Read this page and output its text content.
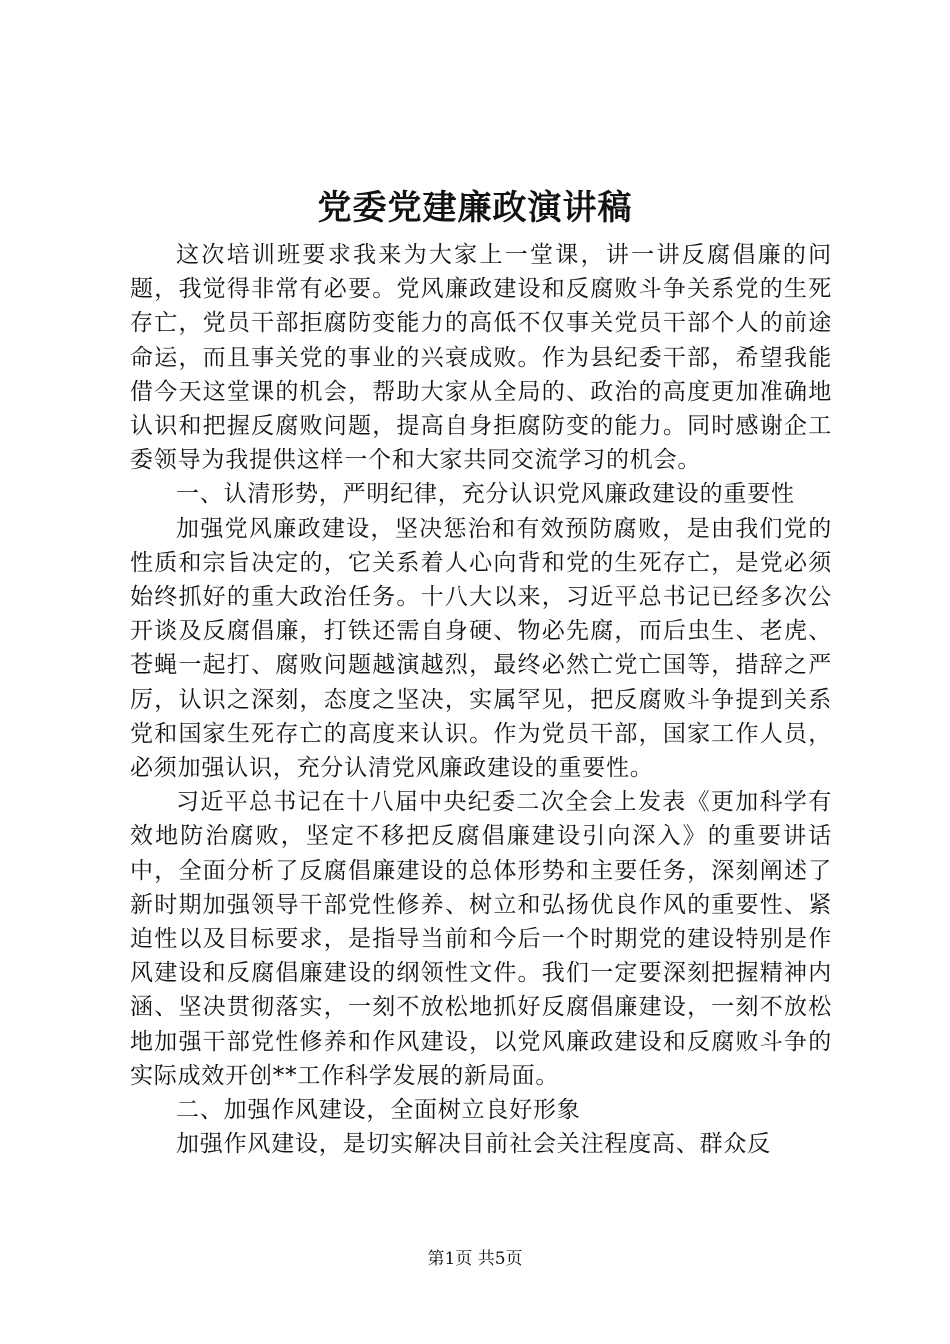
党委党建廉政演讲稿

这次培训班要求我来为大家上一堂课，讲一讲反腐倡廉的问题，我觉得非常有必要。党风廉政建设和反腐败斗争关系党的生死存亡，党员干部拒腐防变能力的高低不仅事关党员干部个人的前途命运，而且事关党的事业的兴衰成败。作为县纪委干部，希望我能借今天这堂课的机会，帮助大家从全局的、政治的高度更加准确地认识和把握反腐败问题，提高自身拒腐防变的能力。同时感谢企工委领导为我提供这样一个和大家共同交流学习的机会。

一、认清形势，严明纪律，充分认识党风廉政建设的重要性

加强党风廉政建设，坚决惩治和有效预防腐败，是由我们党的性质和宗旨决定的，它关系着人心向背和党的生死存亡，是党必须始终抓好的重大政治任务。十八大以来，习近平总书记已经多次公开谈及反腐倡廉，打铁还需自身硬、物必先腐，而后虫生、老虎、苍蝇一起打、腐败问题越演越烈，最终必然亡党亡国等，措辞之严厉，认识之深刻，态度之坚决，实属罕见，把反腐败斗争提到关系党和国家生死存亡的高度来认识。作为党员干部，国家工作人员，必须加强认识，充分认清党风廉政建设的重要性。

习近平总书记在十八届中央纪委二次全会上发表《更加科学有效地防治腐败，坚定不移把反腐倡廉建设引向深入》的重要讲话中，全面分析了反腐倡廉建设的总体形势和主要任务，深刻阐述了新时期加强领导干部党性修养、树立和弘扬优良作风的重要性、紧迫性以及目标要求，是指导当前和今后一个时期党的建设特别是作风建设和反腐倡廉建设的纲领性文件。我们一定要深刻把握精神内涵、坚决贯彻落实，一刻不放松地抓好反腐倡廉建设，一刻不放松地加强干部党性修养和作风建设，以党风廉政建设和反腐败斗争的实际成效开创**工作科学发展的新局面。

二、加强作风建设，全面树立良好形象

加强作风建设，是切实解决目前社会关注程度高、群众反

第1页 共5页
